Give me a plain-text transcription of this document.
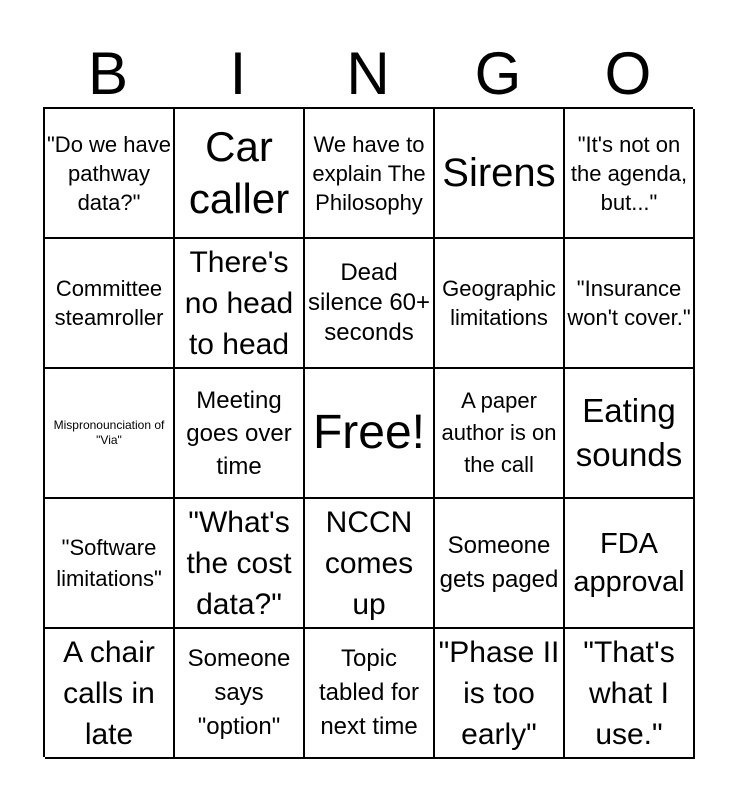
B	I	N	G	O
"Do we have pathway data?"
Car caller
We have to explain The Philosophy
Sirens
"It's not on the agenda, but..."
Committee steamroller
There's no head to head
Dead silence 60+ seconds
Geographic limitations
"Insurance won't cover."
Mispronounciation of "Via"
Meeting goes over time
Free!
A paper author is on the call
Eating sounds
"Software limitations"
"What's the cost data?"
NCCN comes up
Someone gets paged
FDA approval
A chair calls in late
Someone says "option"
Topic tabled for next time
"Phase II is too early"
"That's what I use."
